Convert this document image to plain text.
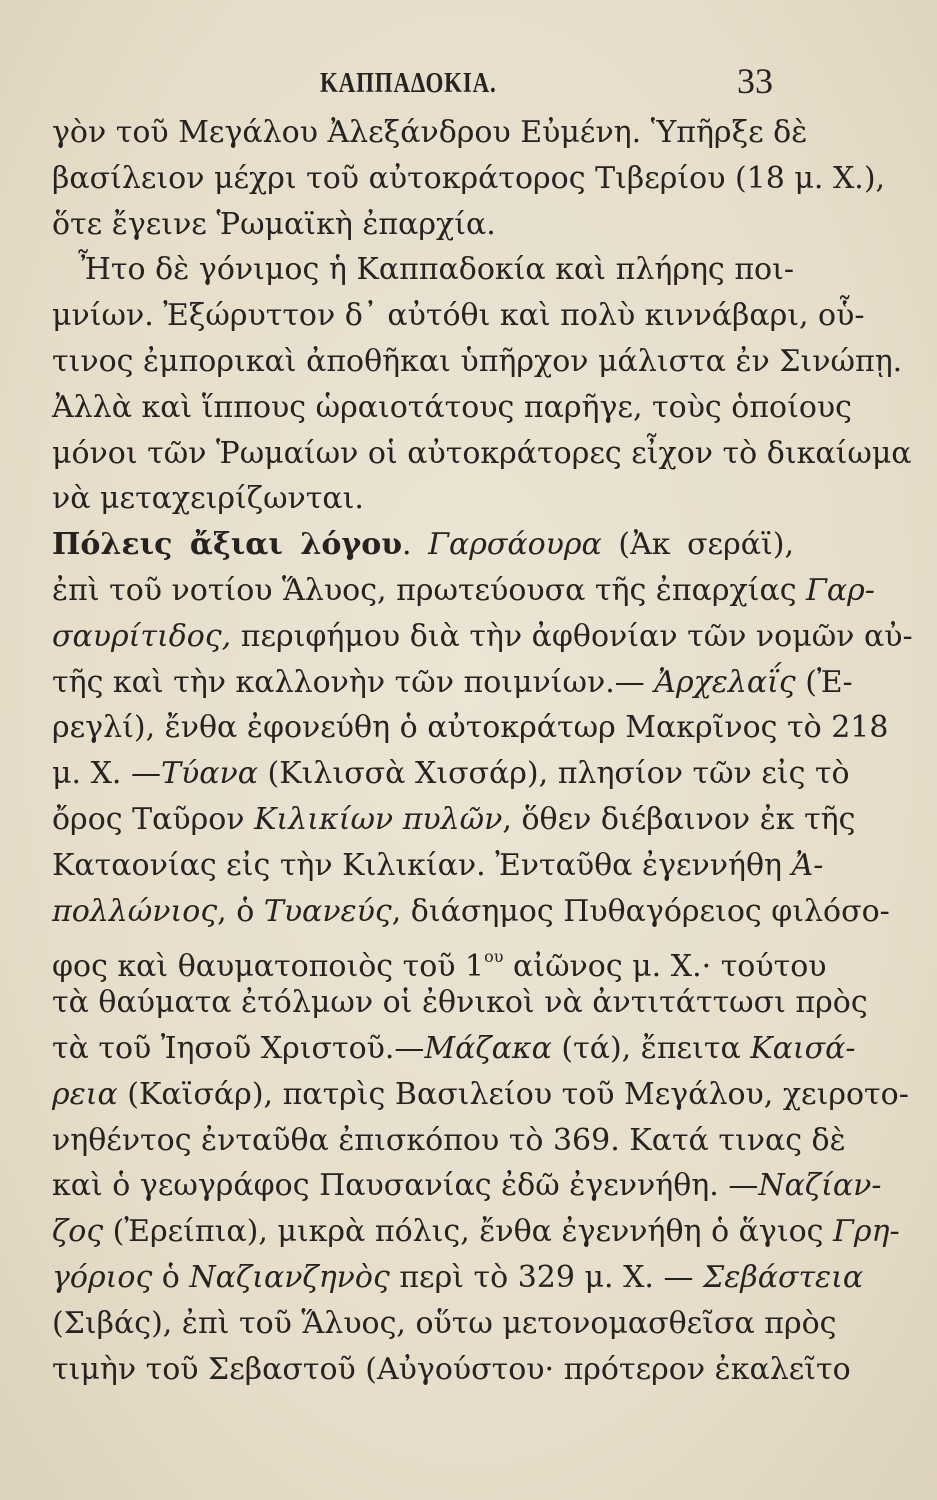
ΚΑΠΠΑΔΟΚΙΑ.	33
γὸν τοῦ Μεγάλου Ἀλεξάνδρου Εὐμένη. Ὑπῆρξε δὲ
βασίλειον μέχρι τοῦ αὐτοκράτορος Τιβερίου (18 μ. Χ.),
ὅτε ἔγεινε Ῥωμαϊκὴ ἐπαρχία.
Ἦτο δὲ γόνιμος ἡ Καππαδοκία καὶ πλήρης ποι-
μνίων. Ἐξώρυττον δ᾽ αὐτόθι καὶ πολὺ κιννάβαρι, οὗ-
τινος ἐμπορικαὶ ἀποθῆκαι ὑπῆρχον μάλιστα ἐν Σινώπῃ.
Ἀλλὰ καὶ ἵππους ὡραιοτάτους παρῆγε, τοὺς ὁποίους
μόνοι τῶν Ῥωμαίων οἱ αὐτοκράτορες εἶχον τὸ δικαίωμα
νὰ μεταχειρίζωνται.
Πόλεις ἄξιαι λόγου. Γαρσάουρα (Ἀκ σεράϊ),
ἐπὶ τοῦ νοτίου Ἅλυος, πρωτεύουσα τῆς ἐπαρχίας Γαρ-
σαυρίτιδος, περιφήμου διὰ τὴν ἀφθονίαν τῶν νομῶν αὐ-
τῆς καὶ τὴν καλλονὴν τῶν ποιμνίων.— Ἀρχελαΐς (Ἐ-
ρεγλί), ἔνθα ἐφονεύθη ὁ αὐτοκράτωρ Μακρῖνος τὸ 218
μ. Χ. —Τύανα (Κιλισσὰ Χισσάρ), πλησίον τῶν εἰς τὸ
ὄρος Ταῦρον Κιλικίων πυλῶν, ὅθεν διέβαινον ἐκ τῆς
Καταονίας εἰς τὴν Κιλικίαν. Ἐνταῦθα ἐγεννήθη Ἀ-
πολλώνιος, ὁ Τυανεύς, διάσημος Πυθαγόρειος φιλόσο-
φος καὶ θαυματοποιὸς τοῦ $1^{o\upsilon}$ αἰῶνος μ. Χ.· τούτου
τὰ θαύματα ἐτόλμων οἱ ἐθνικοὶ νὰ ἀντιτάττωσι πρὸς
τὰ τοῦ Ἰησοῦ Χριστοῦ.—Μάζακα (τά), ἔπειτα Καισά-
ρεια (Καϊσάρ), πατρὶς Βασιλείου τοῦ Μεγάλου, χειροτο-
νηθέντος ἐνταῦθα ἐπισκόπου τὸ 369. Κατά τινας δὲ
καὶ ὁ γεωγράφος Παυσανίας ἐδῶ ἐγεννήθη. —Ναζίαν-
ζος (Ἐρείπια), μικρὰ πόλις, ἔνθα ἐγεννήθη ὁ ἅγιος Γρη-
γόριος ὁ Ναζιανζηνὸς περὶ τὸ 329 μ. Χ. — Σεβάστεια
(Σιβάς), ἐπὶ τοῦ Ἅλυος, οὕτω μετονομασθεῖσα πρὸς
τιμὴν τοῦ Σεβαστοῦ (Αὐγούστου· πρότερον ἐκαλεῖτο
